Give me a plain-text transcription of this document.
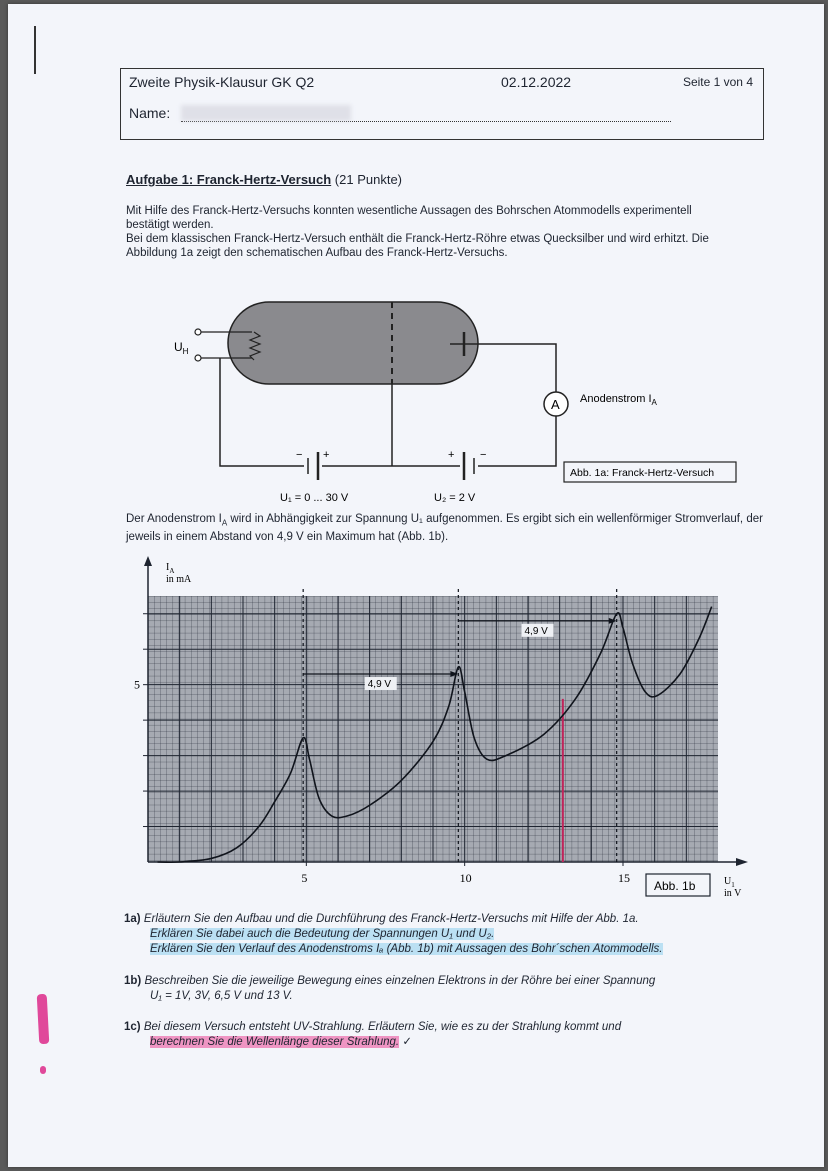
Zweite Physik-Klausur GK Q2	02.12.2022	Seite 1 von 4
Name:
Aufgabe 1: Franck-Hertz-Versuch (21 Punkte)
Mit Hilfe des Franck-Hertz-Versuchs konnten wesentliche Aussagen des Bohrschen Atommodells experimentell bestätigt werden.
Bei dem klassischen Franck-Hertz-Versuch enthält die Franck-Hertz-Röhre etwas Quecksilber und wird erhitzt. Die Abbildung 1a zeigt den schematischen Aufbau des Franck-Hertz-Versuchs.
$U_H$
− +	+ −
A Anodenstrom $I_A$
Abb. 1a: Franck-Hertz-Versuch
U₁ = 0 ... 30 V	U₂ = 2 V
Der Anodenstrom $I_A$ wird in Abhängigkeit zur Spannung U₁ aufgenommen. Es ergibt sich ein wellenförmiger Stromverlauf, der jeweils in einem Abstand von 4,9 V ein Maximum hat (Abb. 1b).
$I_A$
in mA
$U_1$
in V
5	10	15
5	4,9 V
4,9 V
Abb. 1b
1a) Erläutern Sie den Aufbau und die Durchführung des Franck-Hertz-Versuchs mit Hilfe der Abb. 1a.
Erklären Sie dabei auch die Bedeutung der Spannungen U₁ und U₂.
Erklären Sie den Verlauf des Anodenstroms Iₐ (Abb. 1b) mit Aussagen des Bohr´schen Atommodells.
1b) Beschreiben Sie die jeweilige Bewegung eines einzelnen Elektrons in der Röhre bei einer Spannung
U₁ = 1V, 3V, 6,5 V und 13 V.
1c) Bei diesem Versuch entsteht UV-Strahlung. Erläutern Sie, wie es zu der Strahlung kommt und
berechnen Sie die Wellenlänge dieser Strahlung. ✓
